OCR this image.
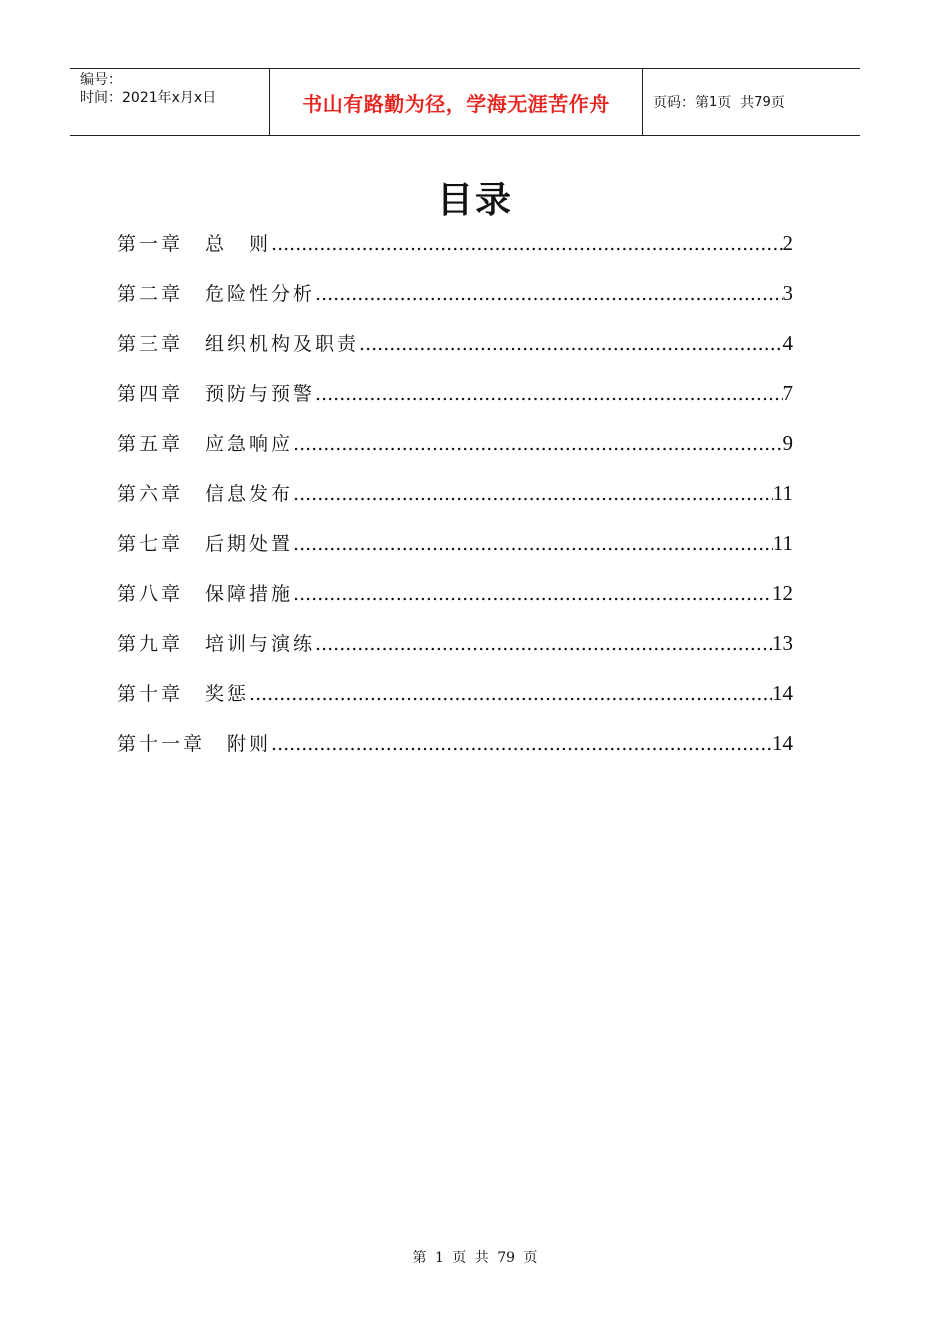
编号：
时间：2021年x月x日	书山有路勤为径，学海无涯苦作舟	页码：第 1 页  共 79 页
目录
第一章 总　则 .....	2
第二章 危险性分析 .....	3
第三章 组织机构及职责 .....	4
第四章 预防与预警 .....	7
第五章 应急响应 .....	9
第六章 信息发布 .....	11
第七章 后期处置 .....	11
第八章 保障措施 .....	12
第九章 培训与演练 .....	13
第十章 奖惩 .....	14
第十一章 附则 .....	14
第 1 页 共 79 页
